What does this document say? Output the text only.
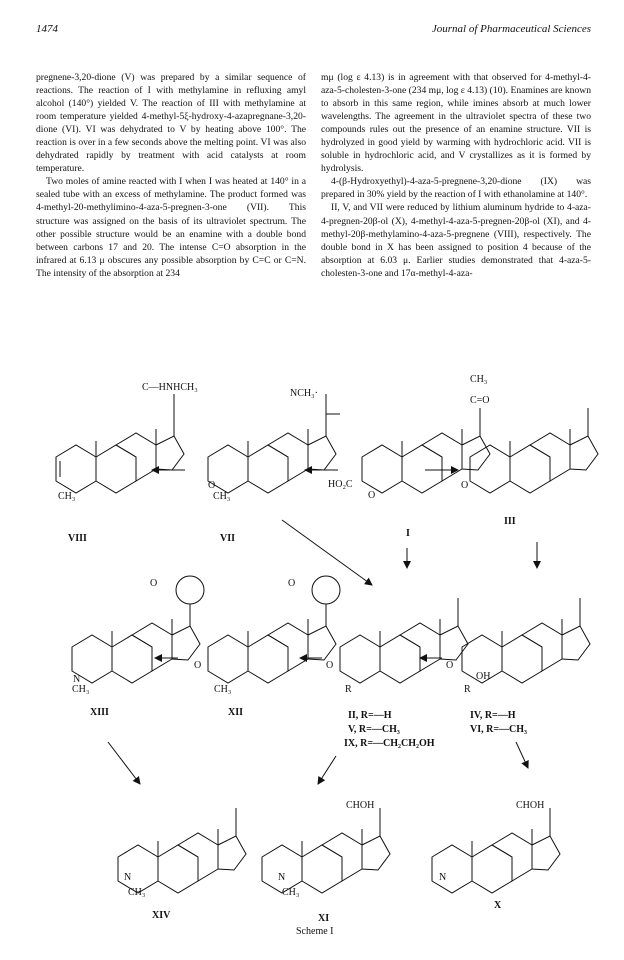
1474	Journal of Pharmaceutical Sciences

pregnene-3,20-dione (V) was prepared by a similar sequence of reactions. The reaction of I with methylamine in refluxing amyl alcohol (140°) yielded V. The reaction of III with methylamine at room temperature yielded 4-methyl-5ξ-hydroxy-4-azapregnane-3,20-dione (VI). VI was dehydrated to V by heating above 100°. The reaction is over in a few seconds above the melting point. VI was also dehydrated rapidly by treatment with acid catalysts at room temperature.

Two moles of amine reacted with I when I was heated at 140° in a sealed tube with an excess of methylamine. The product formed was 4-methyl-20-methylimino-4-aza-5-pregnen-3-one (VII). This structure was assigned on the basis of its ultraviolet spectrum. The other possible structure would be an enamine with a double bond between carbons 17 and 20. The intense C=O absorption in the infrared at 6.13 μ obscures any possible absorption by C=C or C=N. The intensity of the absorption at 234

mμ (log ε 4.13) is in agreement with that observed for 4-methyl-4-aza-5-cholesten-3-one (234 mμ, log ε 4.13) (10). Enamines are known to absorb in this same region, while imines absorb at much lower wavelengths. The agreement in the ultraviolet spectra of these two compounds rules out the presence of an enamine structure. VII is hydrolyzed in good yield by warming with hydrochloric acid. VII is soluble in hydrochloric acid, and V crystallizes as it is formed by hydrolysis.

4-(β-Hydroxyethyl)-4-aza-5-pregnene-3,20-dione (IX) was prepared in 30% yield by the reaction of I with ethanolamine at 140°.

II, V, and VII were reduced by lithium aluminum hydride to 4-aza-4-pregnen-20β-ol (X), 4-methyl-4-aza-5-pregnen-20β-ol (XI), and 4-methyl-20β-methylamino-4-aza-5-pregnene (VIII), respectively. The double bond in X has been assigned to position 4 because of the absorption at 6.03 μ. Earlier studies demonstrated that 4-aza-5-cholesten-3-one and 17α-methyl-4-aza-

C—HNHCH₃
CH₃
VIII
O
NCH₃·
CH₃
VII
CH₃
C=O
HO₂C
O
I
O
III
O
N
CH₃
XIII
O
O
CH₃
XII
O
R
II, R=—H
V, R=—CH₃
IX, R=—CH₂CH₂OH
O
OH
R
IV, R=—H
VI, R=—CH₃
N
CH₃
XIV
CHOH
N
CH₃
XI
Scheme I
CHOH
N
X
